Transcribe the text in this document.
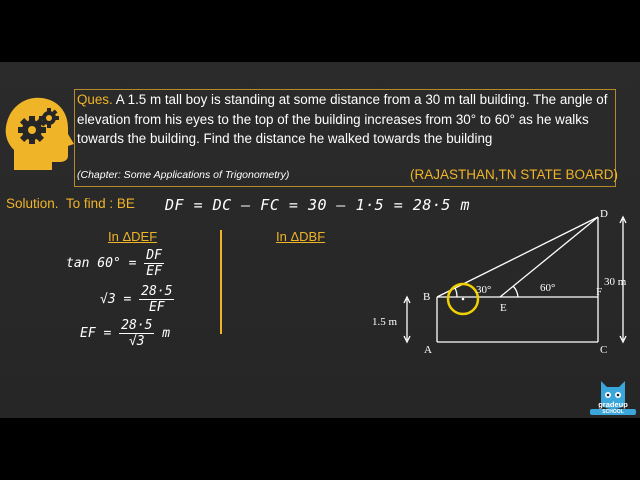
Ques. A 1.5 m tall boy is standing at some distance from a 30 m tall building. The angle of elevation from his eyes to the top of the building increases from 30° to 60° as he walks towards the building. Find the distance he walked towards the building
(Chapter: Some Applications of Trigonometry)	(RAJASTHAN,TN STATE BOARD)
Solution. To find : BE DF = DC – FC = 30 – 1·5 = 28·5 m
In ΔDEF	In ΔDBF
$\tan 60^\circ = \frac{DF}{EF}$
$√3 = \frac{28\cdot 5}{EF}$
EF = $\frac{28\cdot 5}{√3}$ m
A
B
C
D
E
F
30°	60°
1.5 m
30 m
gradeup
SCHOOL
